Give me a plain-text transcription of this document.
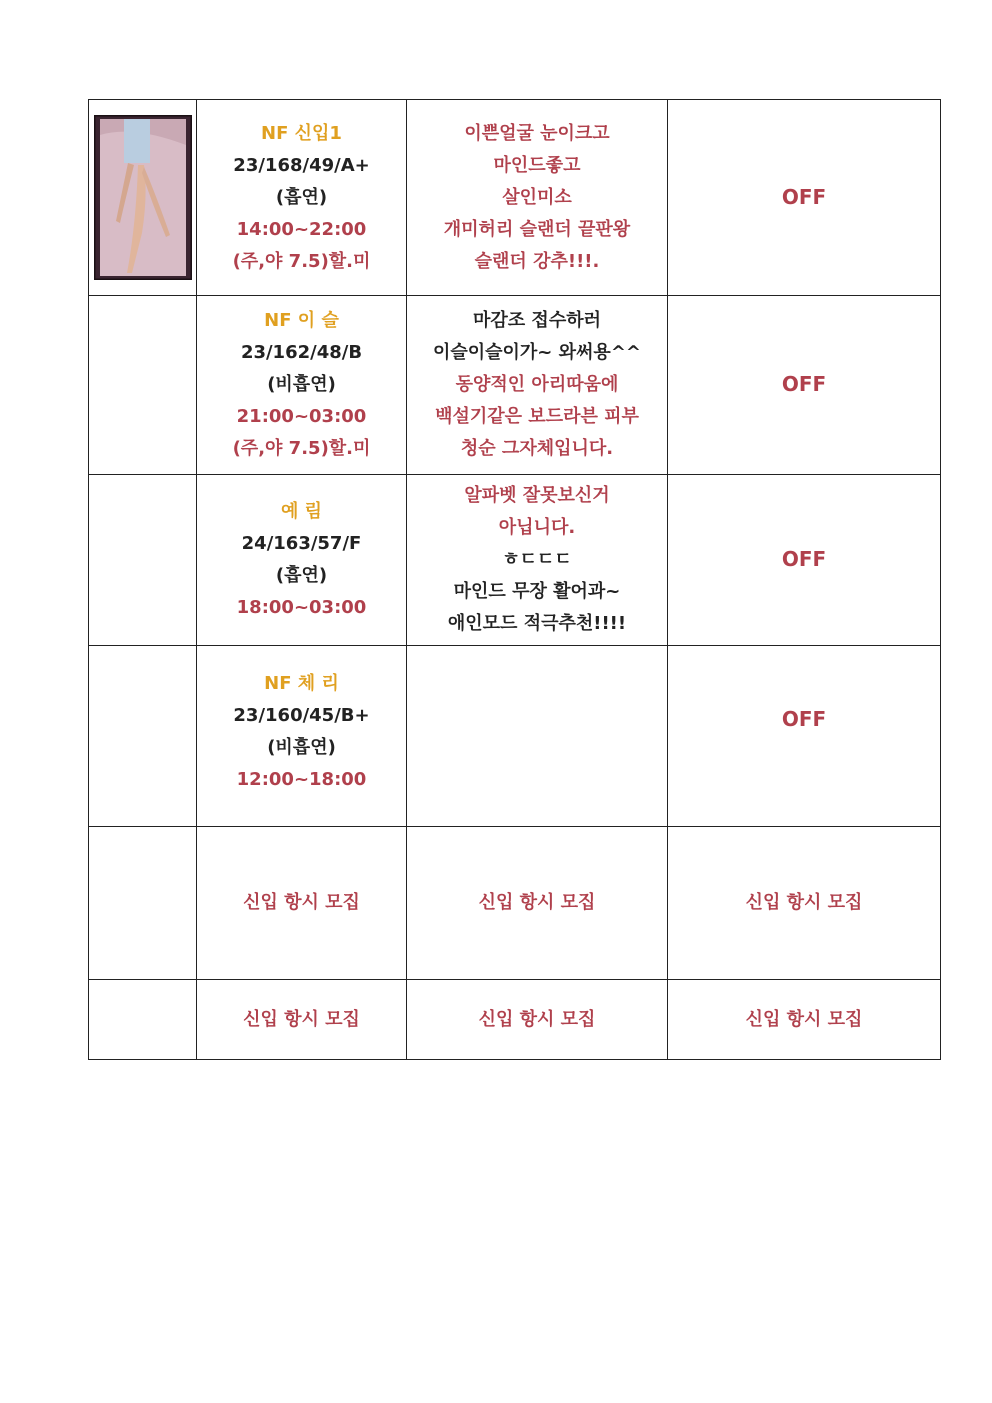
NF 신입1
23/168/49/A+
(흡연)
14:00~22:00
(주,야 7.5)할.미	이쁜얼굴 눈이크고
마인드좋고
살인미소
개미허리 슬랜더 끝판왕
슬랜더 강추!!!.	OFF

	NF 이 슬
23/162/48/B
(비흡연)
21:00~03:00
(주,야 7.5)할.미	마감조 접수하러
이슬이슬이가~ 와써용^^
동양적인 아리따움에
백설기같은 보드라븐 피부
청순 그자체입니다.	OFF

	예 림
24/163/57/F
(흡연)
18:00~03:00	알파벳 잘못보신거
아닙니다.
ㅎㄷㄷㄷ
마인드 무장 활어과~
애인모드 적극추천!!!!	OFF

	NF 체 리
23/160/45/B+
(비흡연)
12:00~18:00		OFF
	신입 항시 모집	신입 항시 모집	신입 항시 모집
	신입 항시 모집	신입 항시 모집	신입 항시 모집
